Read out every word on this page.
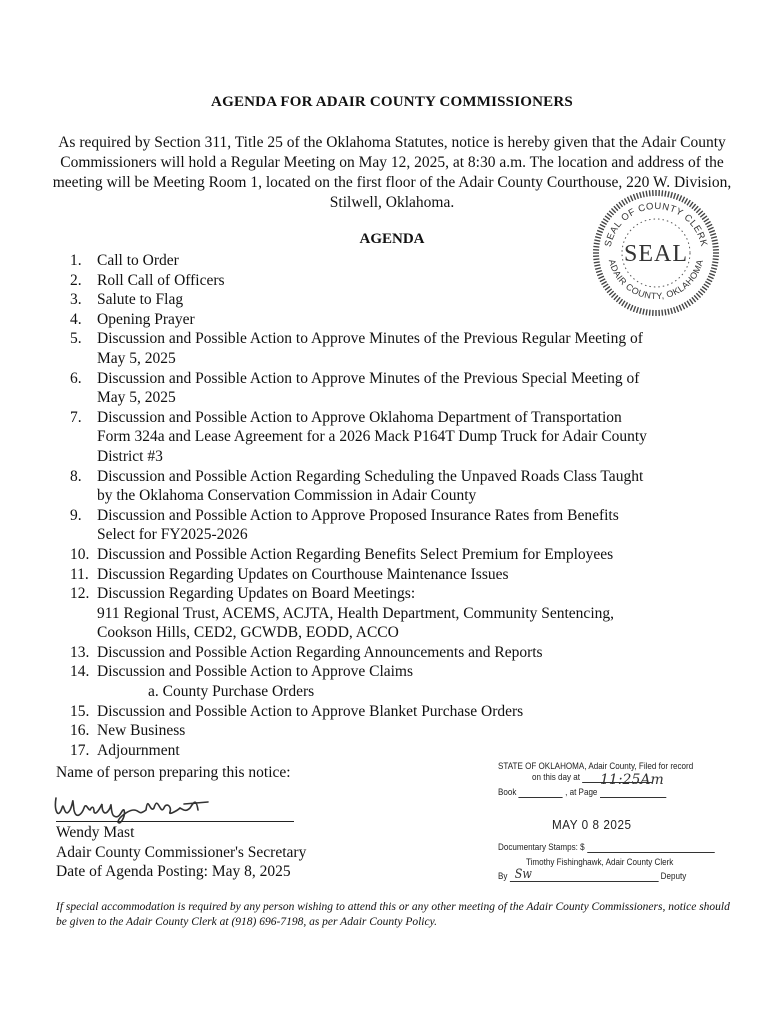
AGENDA FOR ADAIR COUNTY COMMISSIONERS
As required by Section 311, Title 25 of the Oklahoma Statutes, notice is hereby given that the Adair County Commissioners will hold a Regular Meeting on May 12, 2025, at 8:30 a.m. The location and address of the meeting will be Meeting Room 1, located on the first floor of the Adair County Courthouse, 220 W. Division, Stilwell, Oklahoma.
SEAL OF COUNTY CLERK
ADAIR COUNTY, OKLAHOMA
SEAL
AGENDA
1. Call to Order
2. Roll Call of Officers
3. Salute to Flag
4. Opening Prayer
5. Discussion and Possible Action to Approve Minutes of the Previous Regular Meeting of
May 5, 2025
6. Discussion and Possible Action to Approve Minutes of the Previous Special Meeting of
May 5, 2025
7. Discussion and Possible Action to Approve Oklahoma Department of Transportation
Form 324a and Lease Agreement for a 2026 Mack P164T Dump Truck for Adair County
District #3
8. Discussion and Possible Action Regarding Scheduling the Unpaved Roads Class Taught
by the Oklahoma Conservation Commission in Adair County
9. Discussion and Possible Action to Approve Proposed Insurance Rates from Benefits
Select for FY2025-2026
10. Discussion and Possible Action Regarding Benefits Select Premium for Employees
11. Discussion Regarding Updates on Courthouse Maintenance Issues
12. Discussion Regarding Updates on Board Meetings:
911 Regional Trust, ACEMS, ACJTA, Health Department, Community Sentencing,
Cookson Hills, CED2, GCWDB, EODD, ACCO
13. Discussion and Possible Action Regarding Announcements and Reports
14. Discussion and Possible Action to Approve Claims
a. County Purchase Orders
15. Discussion and Possible Action to Approve Blanket Purchase Orders
16. New Business
17. Adjournment
Name of person preparing this notice:
Wendy Mast
Adair County Commissioner's Secretary
Date of Agenda Posting: May 8, 2025
STATE OF OKLAHOMA, Adair County, Filed for record
on this day at	11:25Am
Book	, at Page
MAY 0 8 2025
Documentary Stamps: $
Timothy Fishinghawk, Adair County Clerk
By Sw	Deputy
If special accommodation is required by any person wishing to attend this or any other meeting of the Adair County Commissioners, notice should be given to the Adair County Clerk at (918) 696-7198, as per Adair County Policy.
